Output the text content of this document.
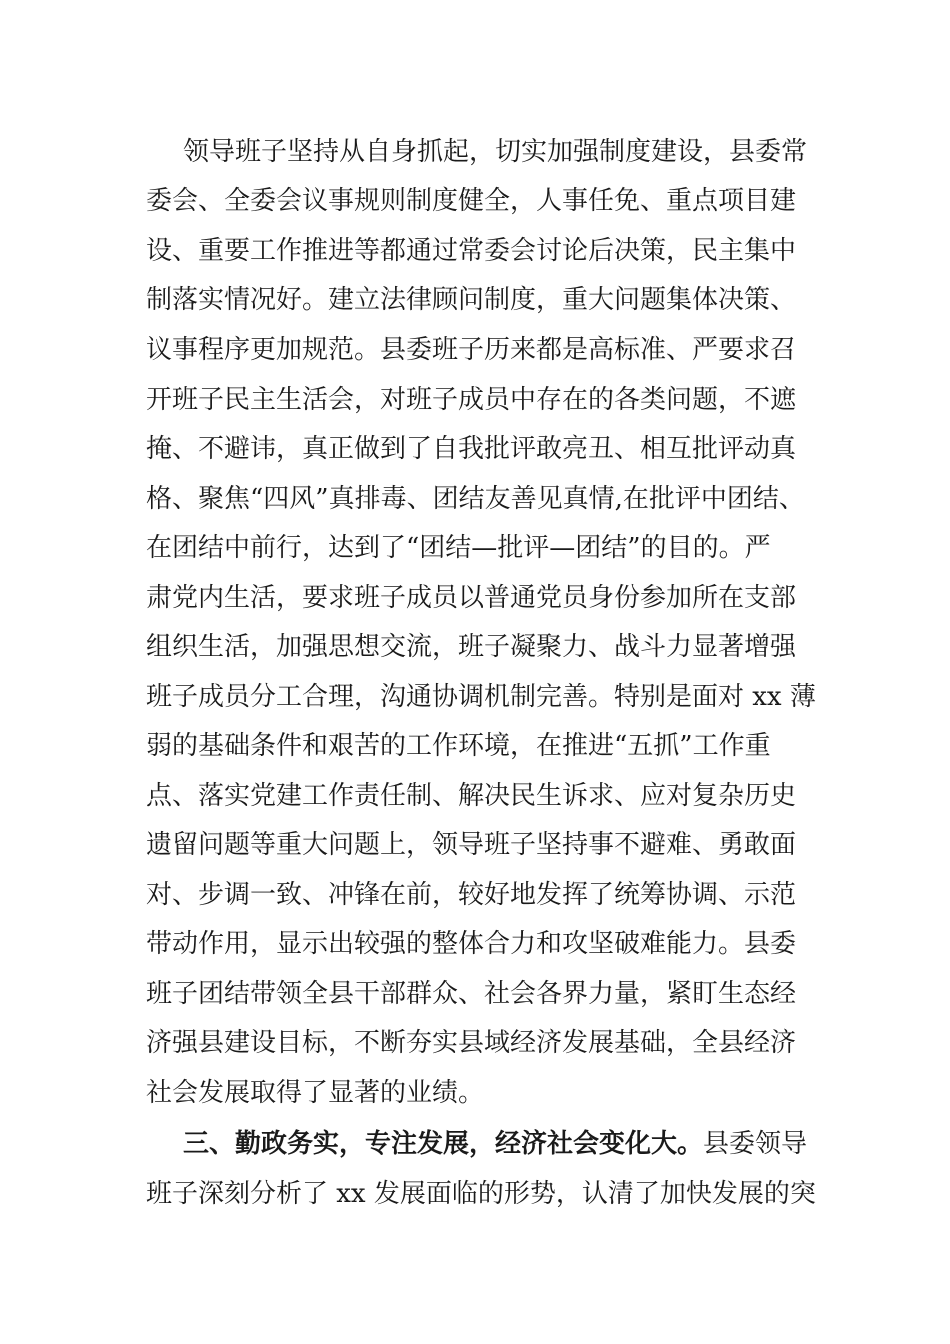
领导班子坚持从自身抓起，切实加强制度建设，县委常

委会、全委会议事规则制度健全，人事任免、重点项目建

设、重要工作推进等都通过常委会讨论后决策，民主集中

制落实情况好。建立法律顾问制度，重大问题集体决策、

议事程序更加规范。县委班子历来都是高标准、严要求召

开班子民主生活会，对班子成员中存在的各类问题，不遮

掩、不避讳，真正做到了自我批评敢亮丑、相互批评动真

格、聚焦“四风”真排毒、团结友善见真情,在批评中团结、

在团结中前行，达到了“团结—批评—团结”的目的。严

肃党内生活，要求班子成员以普通党员身份参加所在支部

组织生活，加强思想交流，班子凝聚力、战斗力显著增强

班子成员分工合理，沟通协调机制完善。特别是面对 xx 薄

弱的基础条件和艰苦的工作环境，在推进“五抓”工作重

点、落实党建工作责任制、解决民生诉求、应对复杂历史

遗留问题等重大问题上，领导班子坚持事不避难、勇敢面

对、步调一致、冲锋在前，较好地发挥了统筹协调、示范

带动作用，显示出较强的整体合力和攻坚破难能力。县委

班子团结带领全县干部群众、社会各界力量，紧盯生态经

济强县建设目标，不断夯实县域经济发展基础，全县经济

社会发展取得了显著的业绩。

三、勤政务实，专注发展，经济社会变化大。县委领导

班子深刻分析了 xx 发展面临的形势，认清了加快发展的突
